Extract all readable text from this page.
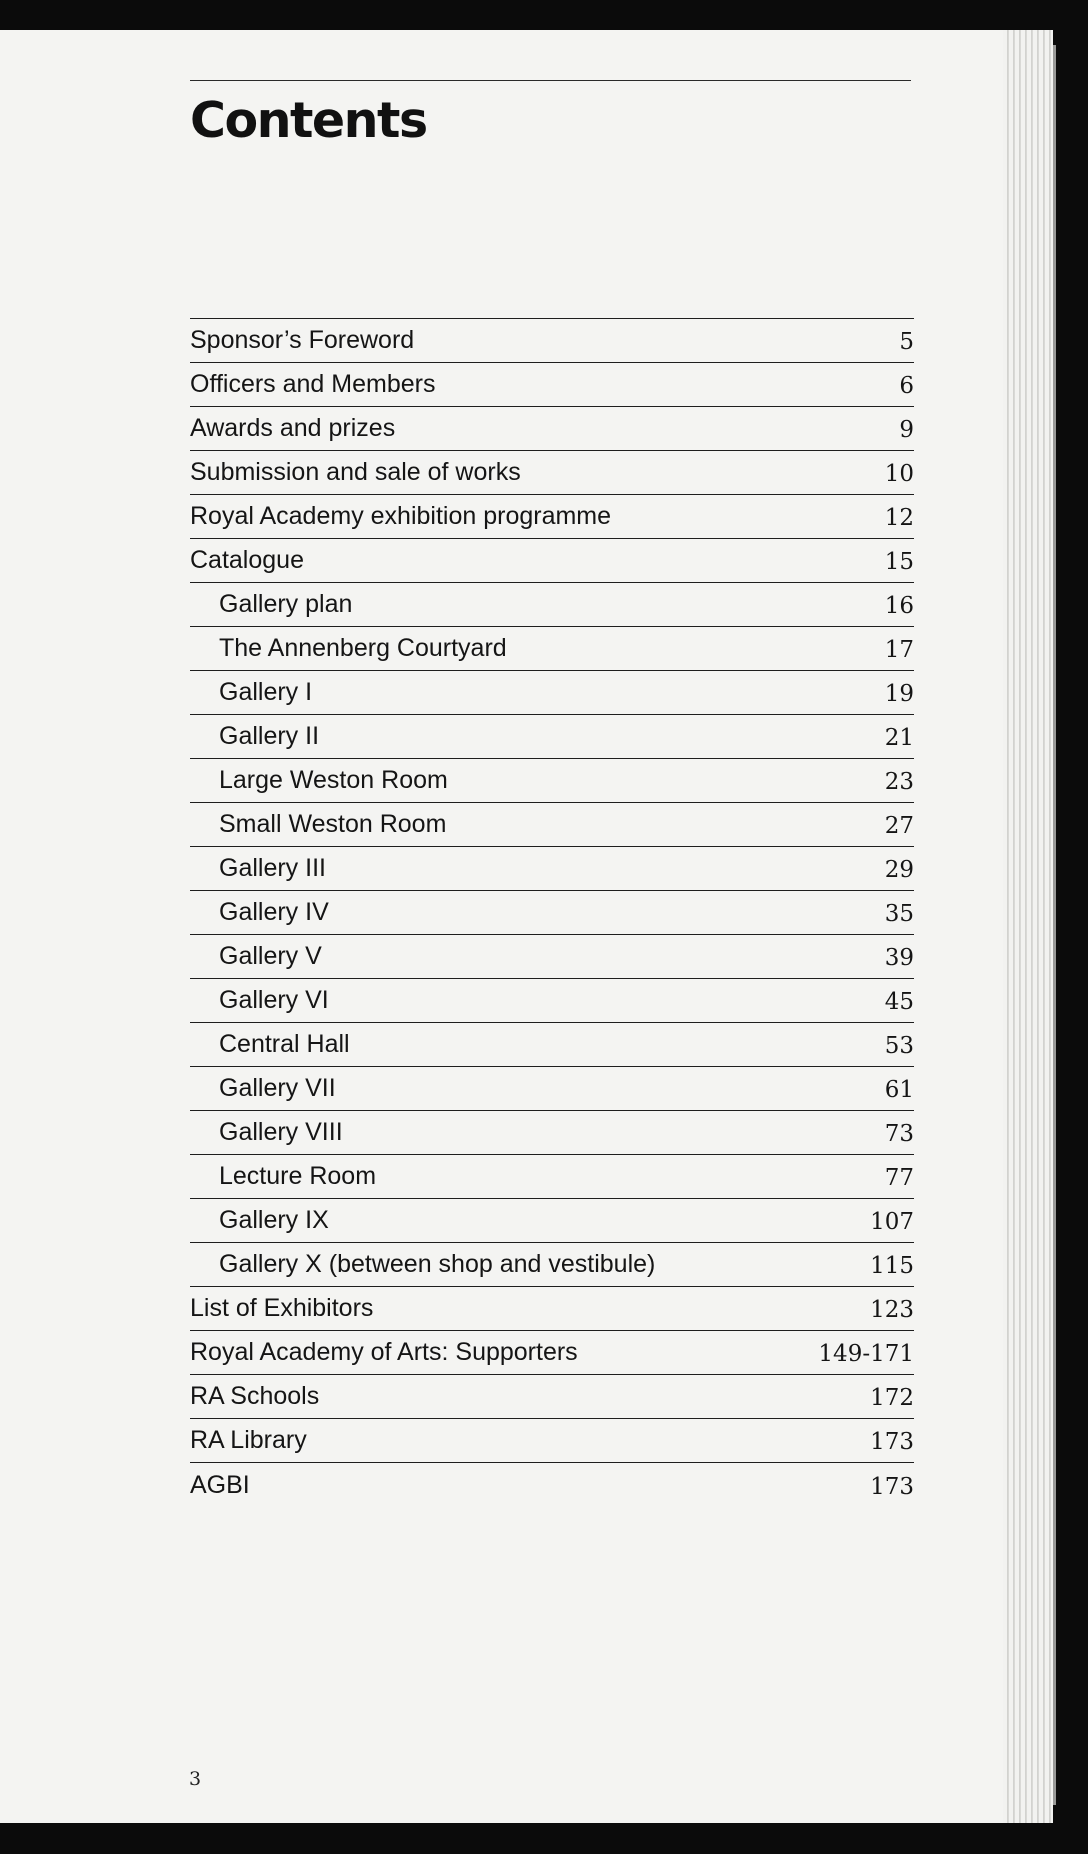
Contents
Sponsor’s Foreword	5
Officers and Members	6
Awards and prizes	9
Submission and sale of works	10
Royal Academy exhibition programme	12
Catalogue	15
Gallery plan	16
The Annenberg Courtyard	17
Gallery I	19
Gallery II	21
Large Weston Room	23
Small Weston Room	27
Gallery III	29
Gallery IV	35
Gallery V	39
Gallery VI	45
Central Hall	53
Gallery VII	61
Gallery VIII	73
Lecture Room	77
Gallery IX	107
Gallery X (between shop and vestibule)	115
List of Exhibitors	123
Royal Academy of Arts: Supporters	149-171
RA Schools	172
RA Library	173
AGBI	173
3
